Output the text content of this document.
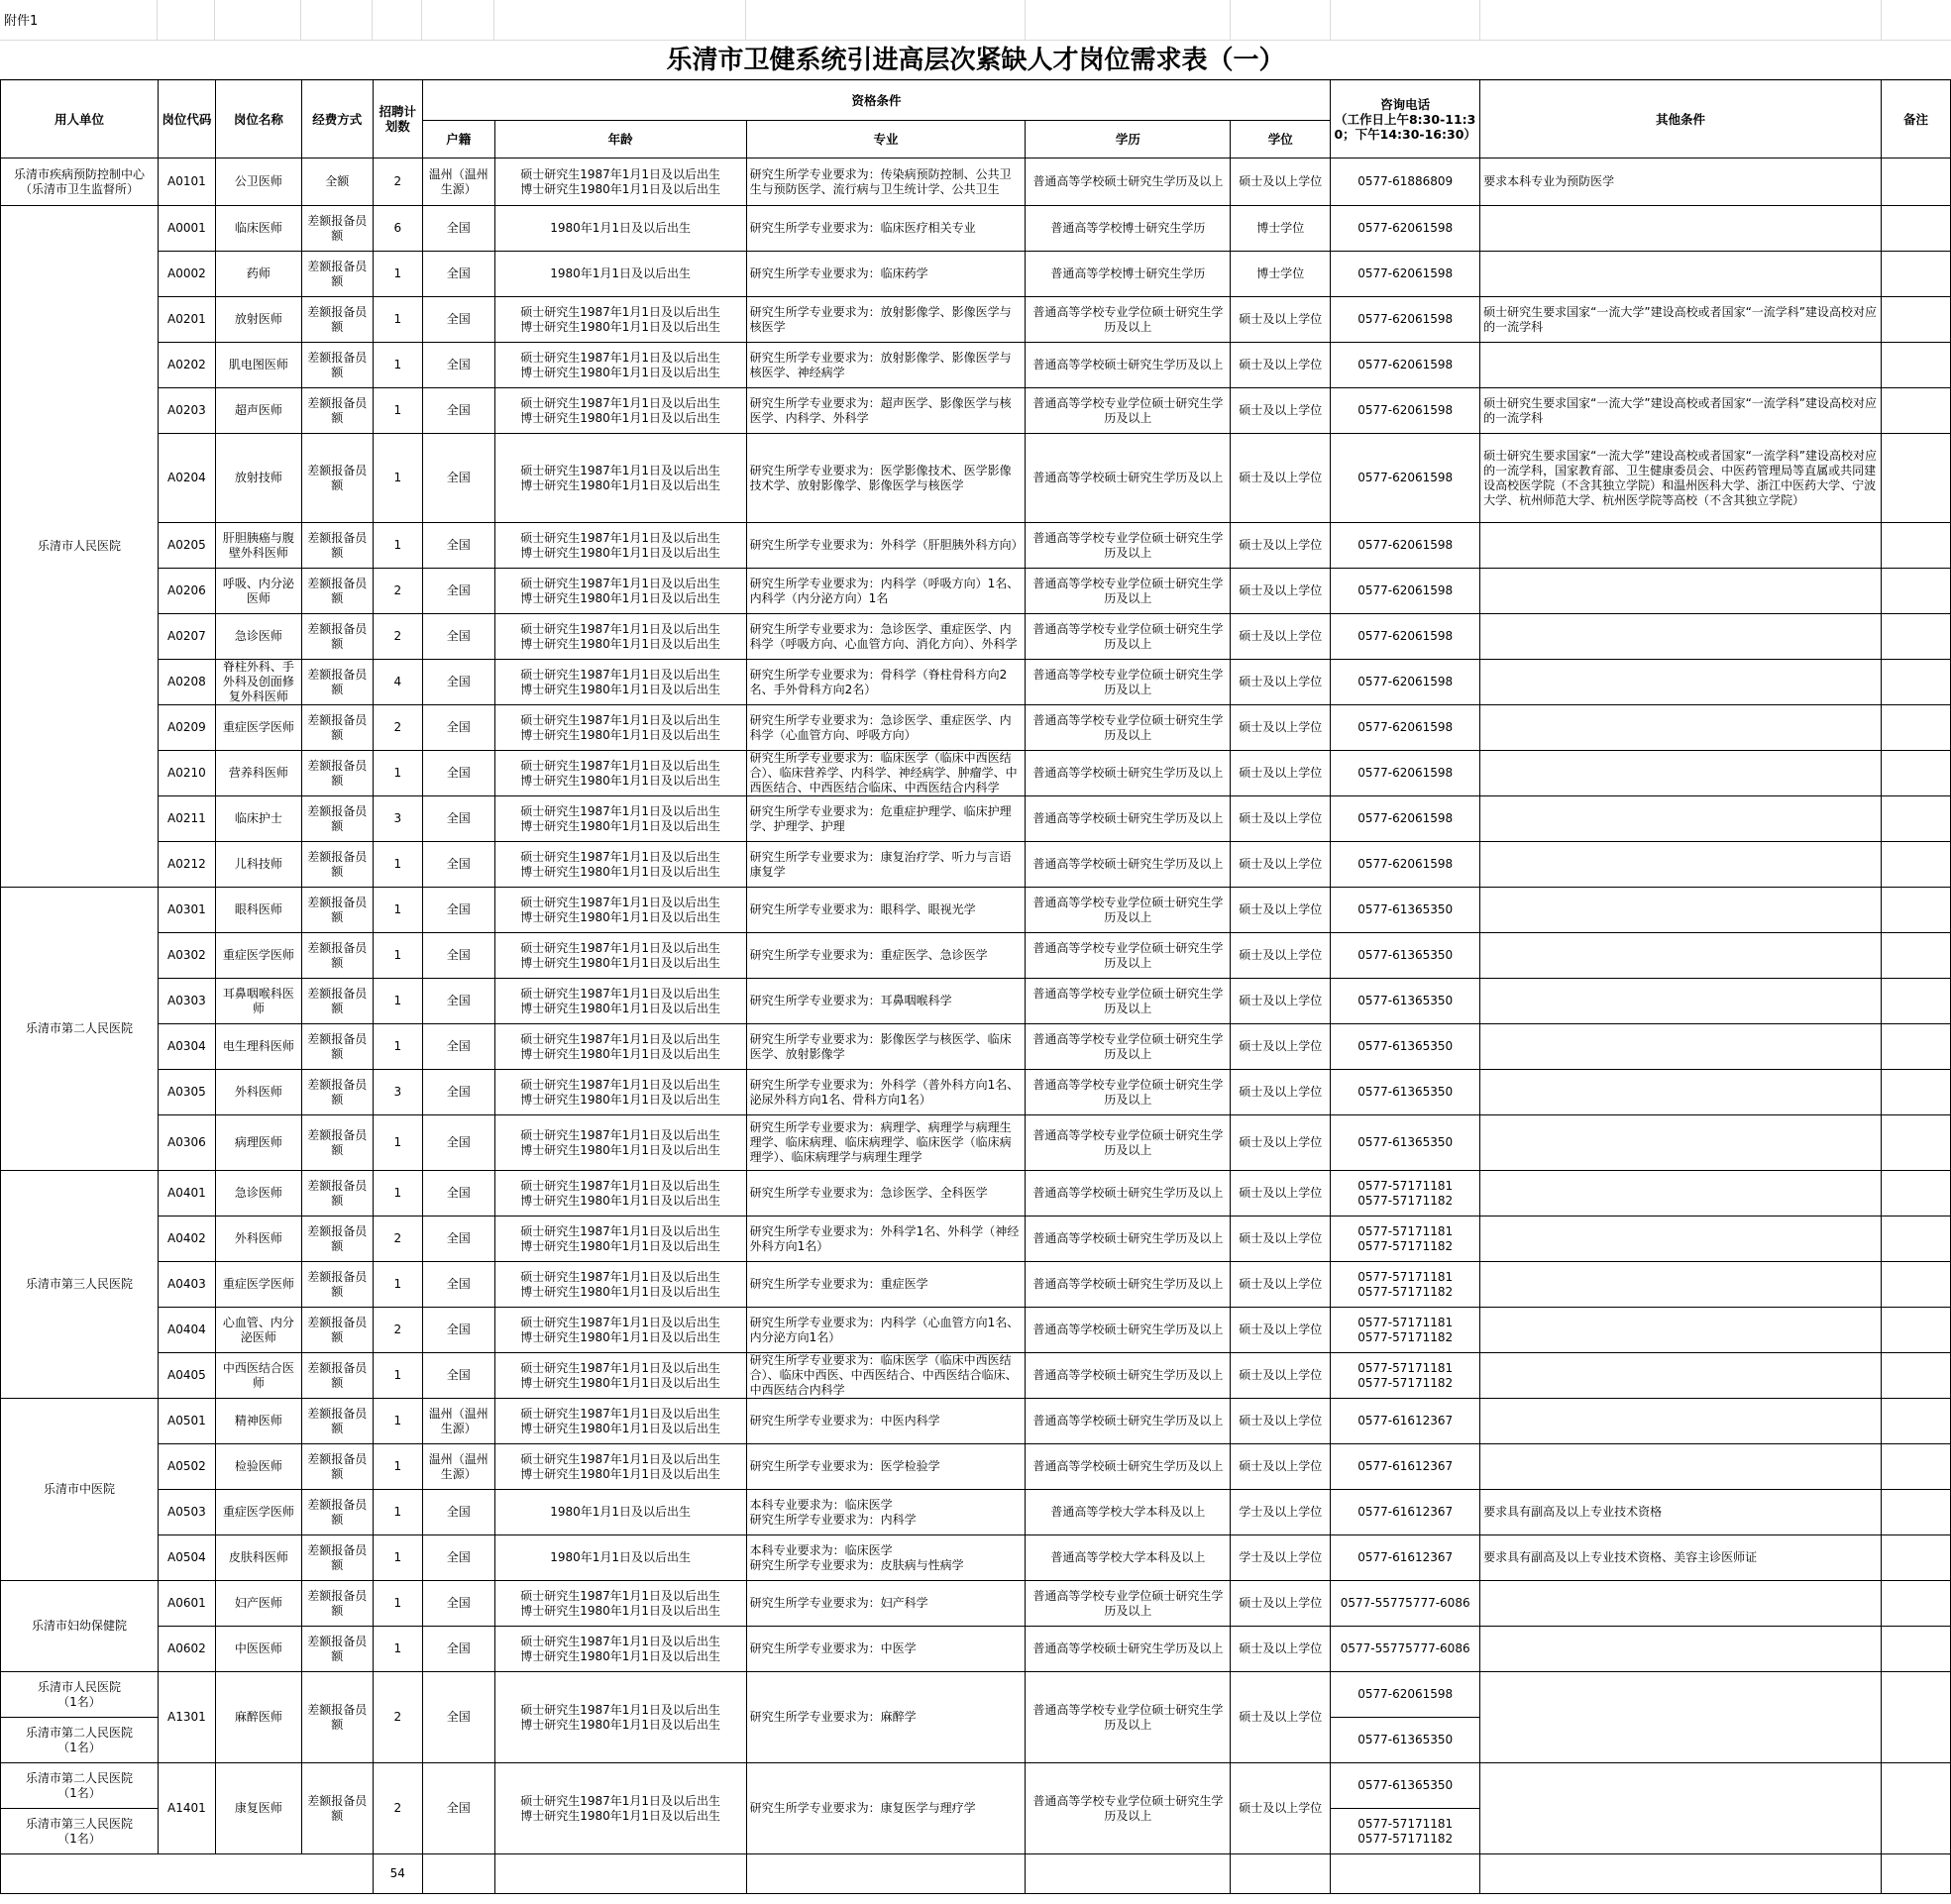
附件1
乐清市卫健系统引进高层次紧缺人才岗位需求表（一）
用人单位	岗位代码	岗位名称	经费方式	招聘计划数	资格条件					咨询电话
（工作日上午8:30-11:30；下午14:30-16:30）	其他条件	备注
					户籍	年龄	专业	学历	学位			
乐清市疾病预防控制中心
（乐清市卫生监督所）	A0101	公卫医师	全额	2	温州（温州生源）	硕士研究生1987年1月1日及以后出生
博士研究生1980年1月1日及以后出生	研究生所学专业要求为：传染病预防控制、公共卫生与预防医学、流行病与卫生统计学、公共卫生	普通高等学校硕士研究生学历及以上	硕士及以上学位	0577-61886809	要求本科专业为预防医学	
乐清市人民医院	A0001	临床医师	差额报备员额	6	全国	1980年1月1日及以后出生	研究生所学专业要求为：临床医疗相关专业	普通高等学校博士研究生学历	博士学位	0577-62061598		
	A0002	药师	差额报备员额	1	全国	1980年1月1日及以后出生	研究生所学专业要求为：临床药学	普通高等学校博士研究生学历	博士学位	0577-62061598		
	A0201	放射医师	差额报备员额	1	全国	硕士研究生1987年1月1日及以后出生
博士研究生1980年1月1日及以后出生	研究生所学专业要求为：放射影像学、影像医学与核医学	普通高等学校专业学位硕士研究生学历及以上	硕士及以上学位	0577-62061598	硕士研究生要求国家“一流大学”建设高校或者国家“一流学科”建设高校对应的一流学科	
	A0202	肌电图医师	差额报备员额	1	全国	硕士研究生1987年1月1日及以后出生
博士研究生1980年1月1日及以后出生	研究生所学专业要求为：放射影像学、影像医学与核医学、神经病学	普通高等学校硕士研究生学历及以上	硕士及以上学位	0577-62061598		
	A0203	超声医师	差额报备员额	1	全国	硕士研究生1987年1月1日及以后出生
博士研究生1980年1月1日及以后出生	研究生所学专业要求为：超声医学、影像医学与核医学、内科学、外科学	普通高等学校专业学位硕士研究生学历及以上	硕士及以上学位	0577-62061598	硕士研究生要求国家“一流大学”建设高校或者国家“一流学科”建设高校对应的一流学科	
	A0204	放射技师	差额报备员额	1	全国	硕士研究生1987年1月1日及以后出生
博士研究生1980年1月1日及以后出生	研究生所学专业要求为：医学影像技术、医学影像技术学、放射影像学、影像医学与核医学	普通高等学校硕士研究生学历及以上	硕士及以上学位	0577-62061598	硕士研究生要求国家“一流大学”建设高校或者国家“一流学科”建设高校对应的一流学科，国家教育部、卫生健康委员会、中医药管理局等直属或共同建设高校医学院（不含其独立学院）和温州医科大学、浙江中医药大学、宁波大学、杭州师范大学、杭州医学院等高校（不含其独立学院）	
	A0205	肝胆胰癌与腹壁外科医师	差额报备员额	1	全国	硕士研究生1987年1月1日及以后出生
博士研究生1980年1月1日及以后出生	研究生所学专业要求为：外科学（肝胆胰外科方向）	普通高等学校专业学位硕士研究生学历及以上	硕士及以上学位	0577-62061598		
	A0206	呼吸、内分泌医师	差额报备员额	2	全国	硕士研究生1987年1月1日及以后出生
博士研究生1980年1月1日及以后出生	研究生所学专业要求为：内科学（呼吸方向）1名、内科学（内分泌方向）1名	普通高等学校专业学位硕士研究生学历及以上	硕士及以上学位	0577-62061598		
	A0207	急诊医师	差额报备员额	2	全国	硕士研究生1987年1月1日及以后出生
博士研究生1980年1月1日及以后出生	研究生所学专业要求为：急诊医学、重症医学、内科学（呼吸方向、心血管方向、消化方向）、外科学	普通高等学校专业学位硕士研究生学历及以上	硕士及以上学位	0577-62061598		
	A0208	脊柱外科、手外科及创面修复外科医师	差额报备员额	4	全国	硕士研究生1987年1月1日及以后出生
博士研究生1980年1月1日及以后出生	研究生所学专业要求为：骨科学（脊柱骨科方向2名、手外骨科方向2名）	普通高等学校专业学位硕士研究生学历及以上	硕士及以上学位	0577-62061598		
	A0209	重症医学医师	差额报备员额	2	全国	硕士研究生1987年1月1日及以后出生
博士研究生1980年1月1日及以后出生	研究生所学专业要求为：急诊医学、重症医学、内科学（心血管方向、呼吸方向）	普通高等学校专业学位硕士研究生学历及以上	硕士及以上学位	0577-62061598		
	A0210	营养科医师	差额报备员额	1	全国	硕士研究生1987年1月1日及以后出生
博士研究生1980年1月1日及以后出生	研究生所学专业要求为：临床医学（临床中西医结合）、临床营养学、内科学、神经病学、肿瘤学、中西医结合、中西医结合临床、中西医结合内科学	普通高等学校硕士研究生学历及以上	硕士及以上学位	0577-62061598		
	A0211	临床护士	差额报备员额	3	全国	硕士研究生1987年1月1日及以后出生
博士研究生1980年1月1日及以后出生	研究生所学专业要求为：危重症护理学、临床护理学、护理学、护理	普通高等学校硕士研究生学历及以上	硕士及以上学位	0577-62061598		
	A0212	儿科技师	差额报备员额	1	全国	硕士研究生1987年1月1日及以后出生
博士研究生1980年1月1日及以后出生	研究生所学专业要求为：康复治疗学、听力与言语康复学	普通高等学校硕士研究生学历及以上	硕士及以上学位	0577-62061598		
乐清市第二人民医院	A0301	眼科医师	差额报备员额	1	全国	硕士研究生1987年1月1日及以后出生
博士研究生1980年1月1日及以后出生	研究生所学专业要求为：眼科学、眼视光学	普通高等学校专业学位硕士研究生学历及以上	硕士及以上学位	0577-61365350		
	A0302	重症医学医师	差额报备员额	1	全国	硕士研究生1987年1月1日及以后出生
博士研究生1980年1月1日及以后出生	研究生所学专业要求为：重症医学、急诊医学	普通高等学校专业学位硕士研究生学历及以上	硕士及以上学位	0577-61365350		
	A0303	耳鼻咽喉科医师	差额报备员额	1	全国	硕士研究生1987年1月1日及以后出生
博士研究生1980年1月1日及以后出生	研究生所学专业要求为：耳鼻咽喉科学	普通高等学校专业学位硕士研究生学历及以上	硕士及以上学位	0577-61365350		
	A0304	电生理科医师	差额报备员额	1	全国	硕士研究生1987年1月1日及以后出生
博士研究生1980年1月1日及以后出生	研究生所学专业要求为：影像医学与核医学、临床医学、放射影像学	普通高等学校专业学位硕士研究生学历及以上	硕士及以上学位	0577-61365350		
	A0305	外科医师	差额报备员额	3	全国	硕士研究生1987年1月1日及以后出生
博士研究生1980年1月1日及以后出生	研究生所学专业要求为：外科学（普外科方向1名、泌尿外科方向1名、骨科方向1名）	普通高等学校专业学位硕士研究生学历及以上	硕士及以上学位	0577-61365350		
	A0306	病理医师	差额报备员额	1	全国	硕士研究生1987年1月1日及以后出生
博士研究生1980年1月1日及以后出生	研究生所学专业要求为：病理学、病理学与病理生理学、临床病理、临床病理学、临床医学（临床病理学）、临床病理学与病理生理学	普通高等学校专业学位硕士研究生学历及以上	硕士及以上学位	0577-61365350		
乐清市第三人民医院	A0401	急诊医师	差额报备员额	1	全国	硕士研究生1987年1月1日及以后出生
博士研究生1980年1月1日及以后出生	研究生所学专业要求为：急诊医学、全科医学	普通高等学校硕士研究生学历及以上	硕士及以上学位	0577-57171181
0577-57171182		
	A0402	外科医师	差额报备员额	2	全国	硕士研究生1987年1月1日及以后出生
博士研究生1980年1月1日及以后出生	研究生所学专业要求为：外科学1名、外科学（神经外科方向1名）	普通高等学校硕士研究生学历及以上	硕士及以上学位	0577-57171181
0577-57171182		
	A0403	重症医学医师	差额报备员额	1	全国	硕士研究生1987年1月1日及以后出生
博士研究生1980年1月1日及以后出生	研究生所学专业要求为：重症医学	普通高等学校硕士研究生学历及以上	硕士及以上学位	0577-57171181
0577-57171182		
	A0404	心血管、内分泌医师	差额报备员额	2	全国	硕士研究生1987年1月1日及以后出生
博士研究生1980年1月1日及以后出生	研究生所学专业要求为：内科学（心血管方向1名、内分泌方向1名）	普通高等学校硕士研究生学历及以上	硕士及以上学位	0577-57171181
0577-57171182		
	A0405	中西医结合医师	差额报备员额	1	全国	硕士研究生1987年1月1日及以后出生
博士研究生1980年1月1日及以后出生	研究生所学专业要求为：临床医学（临床中西医结合）、临床中西医、中西医结合、中西医结合临床、中西医结合内科学	普通高等学校硕士研究生学历及以上	硕士及以上学位	0577-57171181
0577-57171182		
乐清市中医院	A0501	精神医师	差额报备员额	1	温州（温州生源）	硕士研究生1987年1月1日及以后出生
博士研究生1980年1月1日及以后出生	研究生所学专业要求为：中医内科学	普通高等学校硕士研究生学历及以上	硕士及以上学位	0577-61612367		
	A0502	检验医师	差额报备员额	1	温州（温州生源）	硕士研究生1987年1月1日及以后出生
博士研究生1980年1月1日及以后出生	研究生所学专业要求为：医学检验学	普通高等学校硕士研究生学历及以上	硕士及以上学位	0577-61612367		
	A0503	重症医学医师	差额报备员额	1	全国	1980年1月1日及以后出生	本科专业要求为：临床医学
研究生所学专业要求为：内科学	普通高等学校大学本科及以上	学士及以上学位	0577-61612367	要求具有副高及以上专业技术资格	
	A0504	皮肤科医师	差额报备员额	1	全国	1980年1月1日及以后出生	本科专业要求为：临床医学
研究生所学专业要求为：皮肤病与性病学	普通高等学校大学本科及以上	学士及以上学位	0577-61612367	要求具有副高及以上专业技术资格、美容主诊医师证	
乐清市妇幼保健院	A0601	妇产医师	差额报备员额	1	全国	硕士研究生1987年1月1日及以后出生
博士研究生1980年1月1日及以后出生	研究生所学专业要求为：妇产科学	普通高等学校专业学位硕士研究生学历及以上	硕士及以上学位	0577-55775777-6086		
	A0602	中医医师	差额报备员额	1	全国	硕士研究生1987年1月1日及以后出生
博士研究生1980年1月1日及以后出生	研究生所学专业要求为：中医学	普通高等学校硕士研究生学历及以上	硕士及以上学位	0577-55775777-6086		
乐清市人民医院
（1名）	A1301	麻醉医师	差额报备员额	2	全国	硕士研究生1987年1月1日及以后出生
博士研究生1980年1月1日及以后出生	研究生所学专业要求为：麻醉学	普通高等学校专业学位硕士研究生学历及以上	硕士及以上学位	0577-62061598		
乐清市第二人民医院
（1名）										0577-61365350		
乐清市第二人民医院
（1名）	A1401	康复医师	差额报备员额	2	全国	硕士研究生1987年1月1日及以后出生
博士研究生1980年1月1日及以后出生	研究生所学专业要求为：康复医学与理疗学	普通高等学校专业学位硕士研究生学历及以上	硕士及以上学位	0577-61365350		
乐清市第三人民医院
（1名）										0577-57171181
0577-57171182		
				54								
